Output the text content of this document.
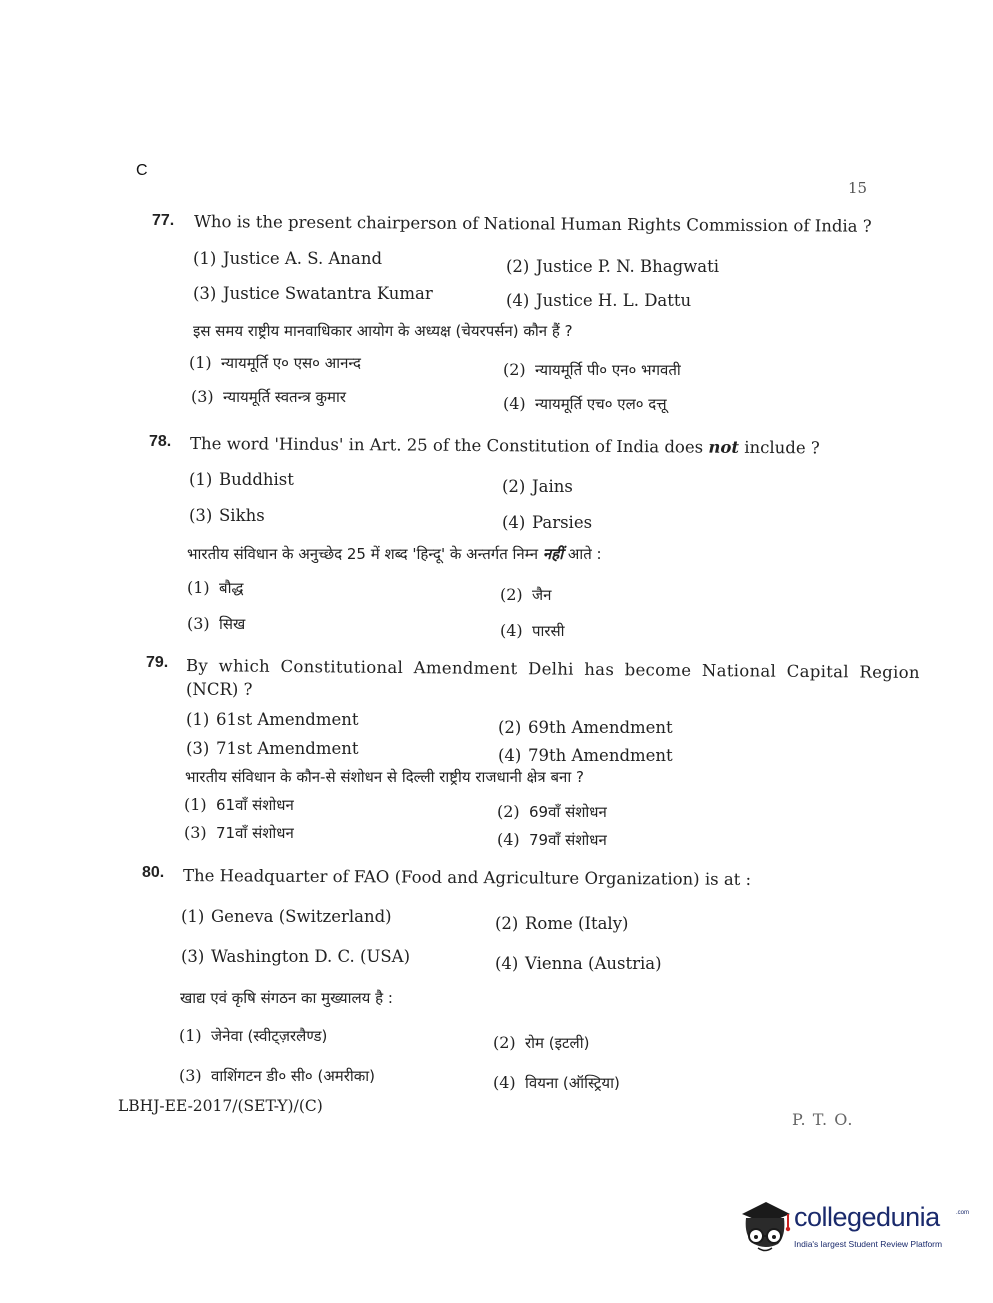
C
15
77. Who is the present chairperson of National Human Rights Commission of India ?
(1) Justice A. S. Anand	(2) Justice P. N. Bhagwati
(3) Justice Swatantra Kumar	(4) Justice H. L. Dattu
इस समय राष्ट्रीय मानवाधिकार आयोग के अध्यक्ष (चेयरपर्सन) कौन हैं ?
(1) न्यायमूर्ति ए० एस० आनन्द	(2) न्यायमूर्ति पी० एन० भगवती
(3) न्यायमूर्ति स्वतन्त्र कुमार	(4) न्यायमूर्ति एच० एल० दत्तू
78. The word 'Hindus' in Art. 25 of the Constitution of India does not include ?
(1) Buddhist	(2) Jains
(3) Sikhs	(4) Parsies
भारतीय संविधान के अनुच्छेद 25 में शब्द 'हिन्दू' के अन्तर्गत निम्न नहीं आते :
(1) बौद्ध	(2) जैन
(3) सिख	(4) पारसी
79. By which Constitutional Amendment Delhi has become National Capital Region
(NCR) ?
(1) 61st Amendment	(2) 69th Amendment
(3) 71st Amendment	(4) 79th Amendment
भारतीय संविधान के कौन-से संशोधन से दिल्ली राष्ट्रीय राजधानी क्षेत्र बना ?
(1) 61वाँ संशोधन	(2) 69वाँ संशोधन
(3) 71वाँ संशोधन	(4) 79वाँ संशोधन
80. The Headquarter of FAO (Food and Agriculture Organization) is at :
(1) Geneva (Switzerland)	(2) Rome (Italy)
(3) Washington D. C. (USA)	(4) Vienna (Austria)
खाद्य एवं कृषि संगठन का मुख्यालय है :
(1) जेनेवा (स्वीट्ज़रलैण्ड)	(2) रोम (इटली)
(3) वाशिंगटन डी० सी० (अमरीका)	(4) वियना (ऑस्ट्रिया)
LBHJ-EE-2017/(SET-Y)/(C)
P. T. O.
collegedunia	.com
India's largest Student Review Platform
